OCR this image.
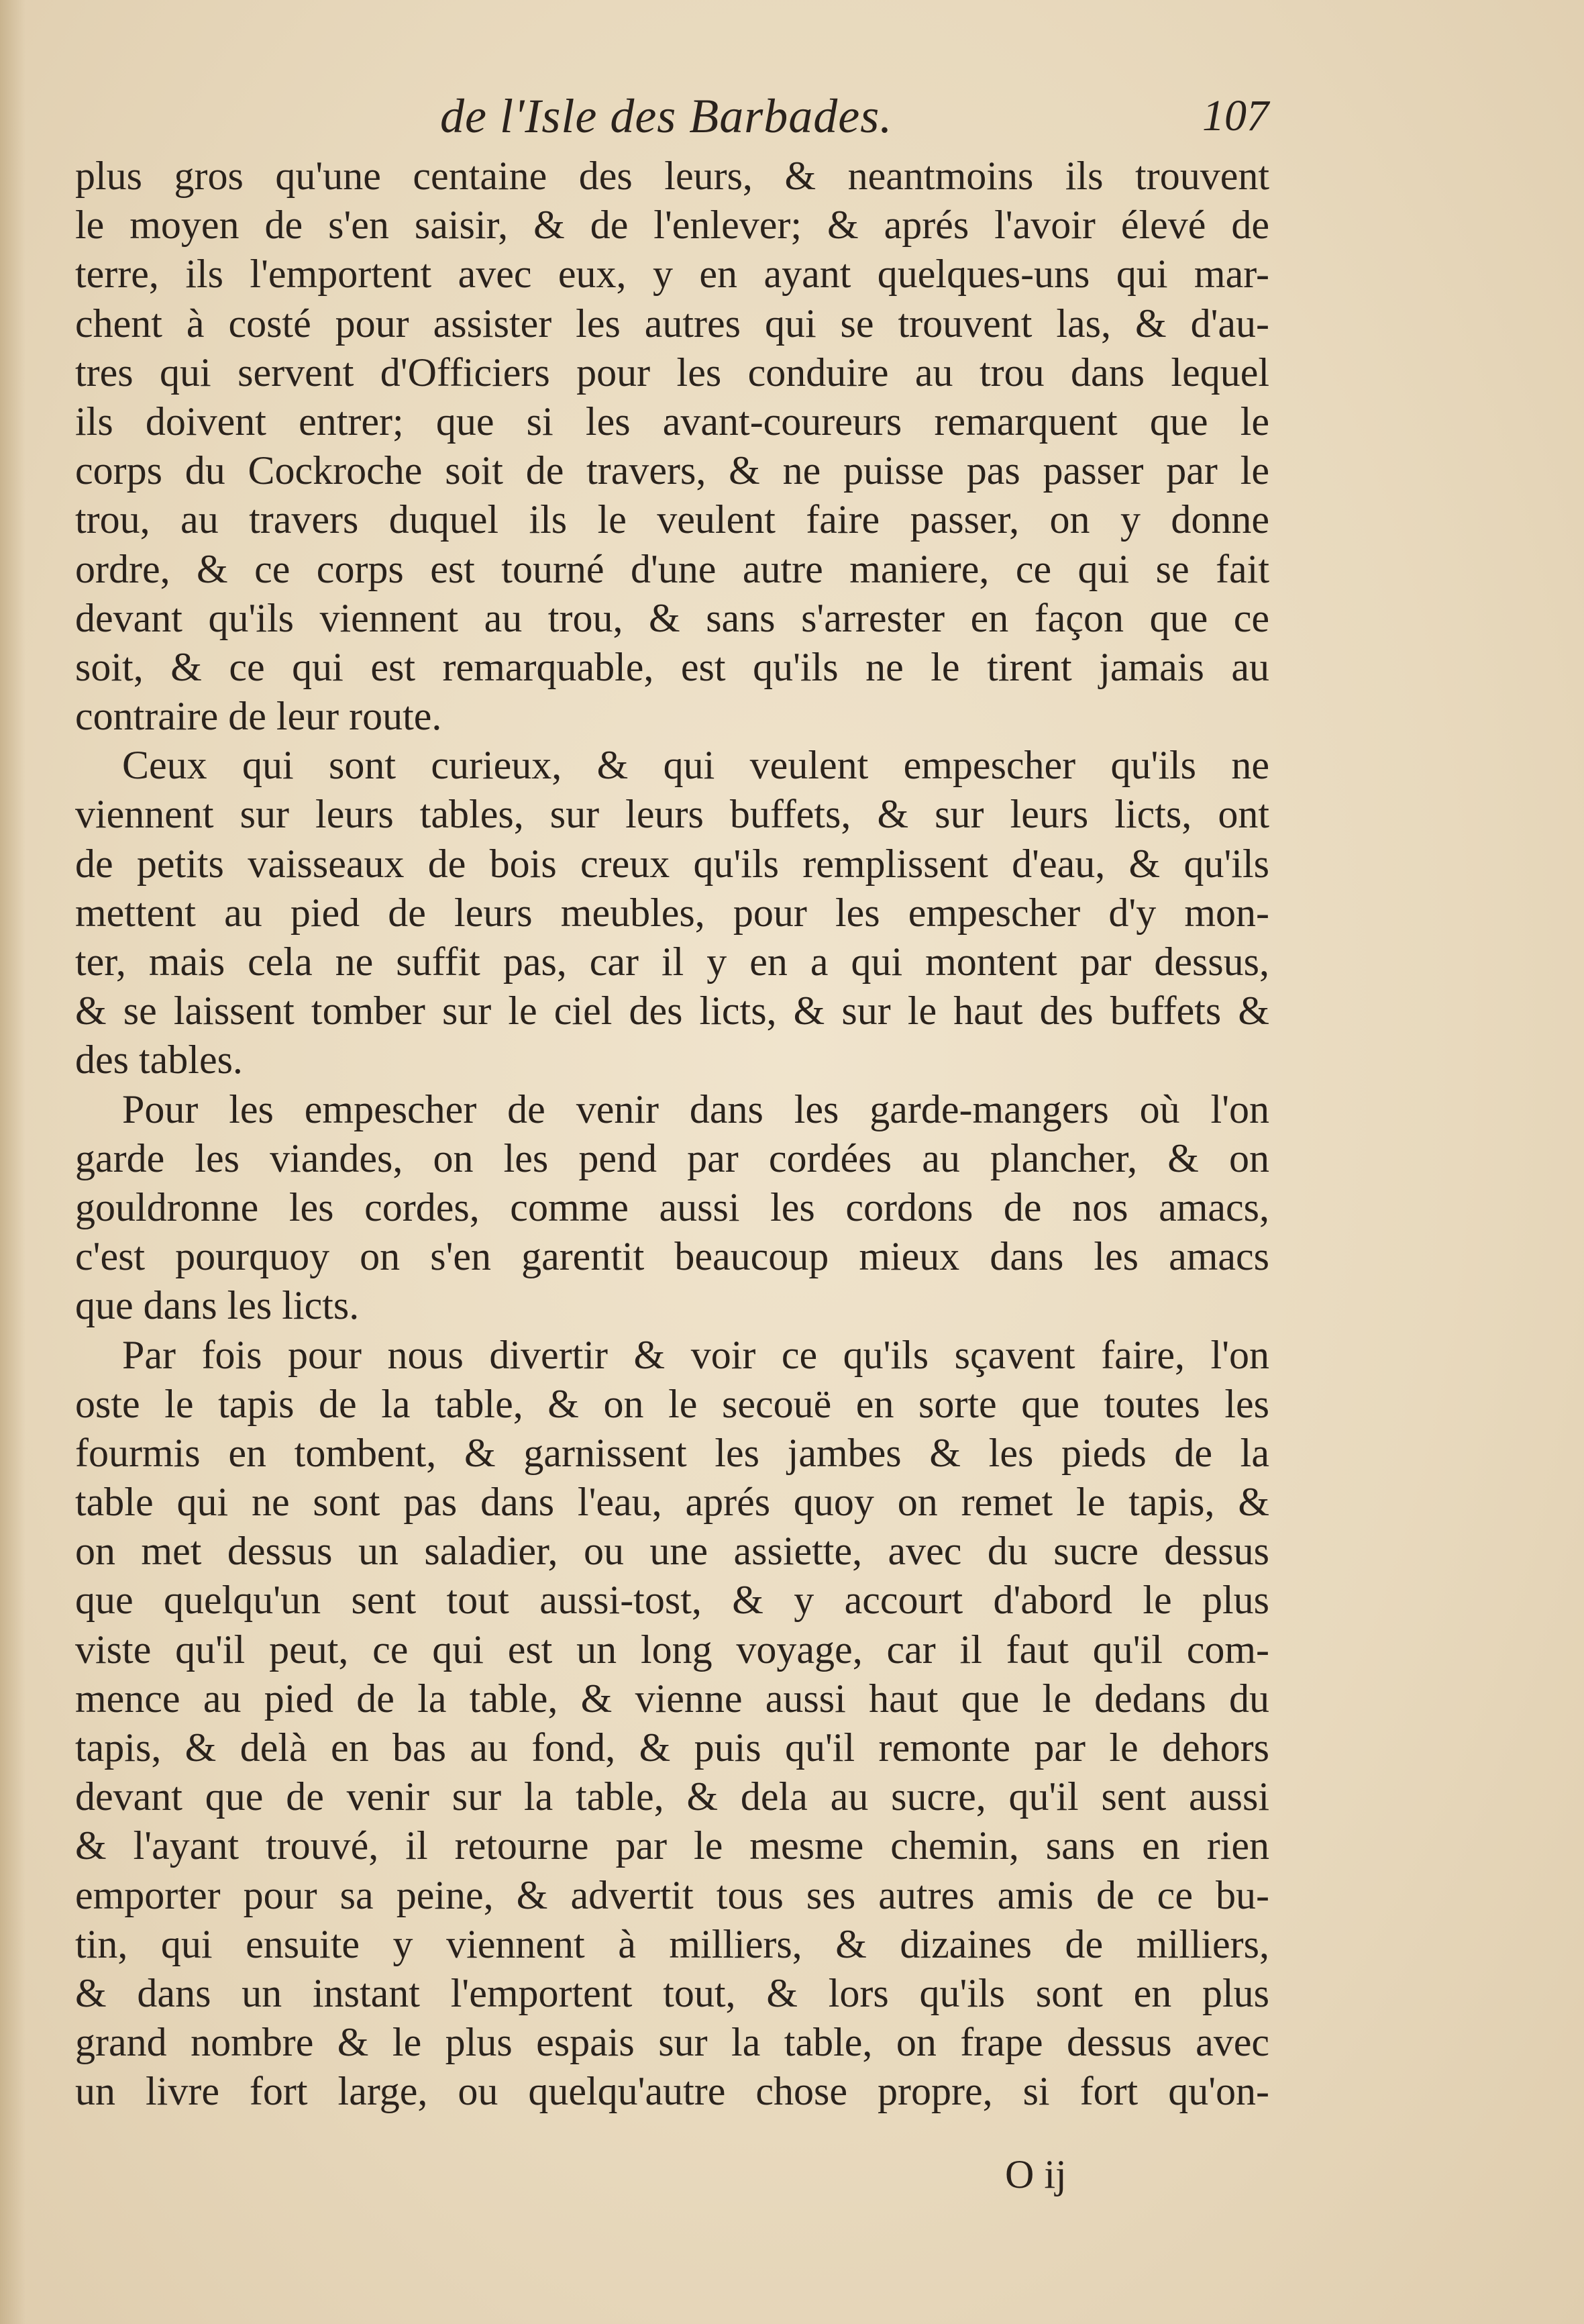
de l'Isle des Barbades.	107
plus gros qu'une centaine des leurs, & neantmoins ils trouvent
le moyen de s'en saisir, & de l'enlever; & aprés l'avoir élevé de
terre, ils l'emportent avec eux, y en ayant quelques-uns qui mar-
chent à costé pour assister les autres qui se trouvent las, & d'au-
tres qui servent d'Officiers pour les conduire au trou dans lequel
ils doivent entrer; que si les avant-coureurs remarquent que le
corps du Cockroche soit de travers, & ne puisse pas passer par le
trou, au travers duquel ils le veulent faire passer, on y donne
ordre, & ce corps est tourné d'une autre maniere, ce qui se fait
devant qu'ils viennent au trou, & sans s'arrester en façon que ce
soit, & ce qui est remarquable, est qu'ils ne le tirent jamais au
contraire de leur route.
Ceux qui sont curieux, & qui veulent empescher qu'ils ne
viennent sur leurs tables, sur leurs buffets, & sur leurs licts, ont
de petits vaisseaux de bois creux qu'ils remplissent d'eau, & qu'ils
mettent au pied de leurs meubles, pour les empescher d'y mon-
ter, mais cela ne suffit pas, car il y en a qui montent par dessus,
& se laissent tomber sur le ciel des licts, & sur le haut des buffets &
des tables.
Pour les empescher de venir dans les garde-mangers où l'on
garde les viandes, on les pend par cordées au plancher, & on
gouldronne les cordes, comme aussi les cordons de nos amacs,
c'est pourquoy on s'en garentit beaucoup mieux dans les amacs
que dans les licts.
Par fois pour nous divertir & voir ce qu'ils sçavent faire, l'on
oste le tapis de la table, & on le secouë en sorte que toutes les
fourmis en tombent, & garnissent les jambes & les pieds de la
table qui ne sont pas dans l'eau, aprés quoy on remet le tapis, &
on met dessus un saladier, ou une assiette, avec du sucre dessus
que quelqu'un sent tout aussi-tost, & y accourt d'abord le plus
viste qu'il peut, ce qui est un long voyage, car il faut qu'il com-
mence au pied de la table, & vienne aussi haut que le dedans du
tapis, & delà en bas au fond, & puis qu'il remonte par le dehors
devant que de venir sur la table, & dela au sucre, qu'il sent aussi
& l'ayant trouvé, il retourne par le mesme chemin, sans en rien
emporter pour sa peine, & advertit tous ses autres amis de ce bu-
tin, qui ensuite y viennent à milliers, & dizaines de milliers,
& dans un instant l'emportent tout, & lors qu'ils sont en plus
grand nombre & le plus espais sur la table, on frape dessus avec
un livre fort large, ou quelqu'autre chose propre, si fort qu'on-
O ij
